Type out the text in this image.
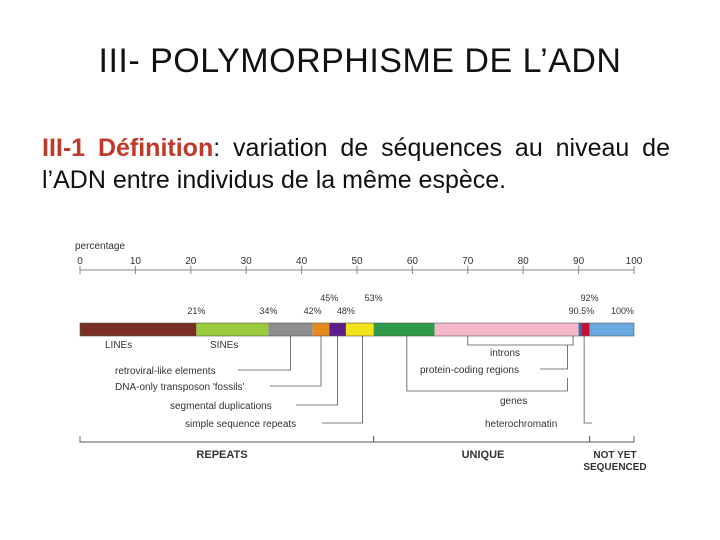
III- POLYMORPHISME DE L’ADN
III-1 Définition: variation de séquences au niveau de l’ADN entre individus de la même espèce.
percentage
0	10	20	30	40	50	60	70	80	90	100
21%	34%	42%
45%
48%
53%	92%
90.5% 100%
LINEs	SINEs
retroviral-like elements
DNA-only transposon 'fossils'
segmental duplications
simple sequence repeats
introns
protein-coding regions
genes
heterochromatin
REPEATS	UNIQUE	NOT YET
SEQUENCED
